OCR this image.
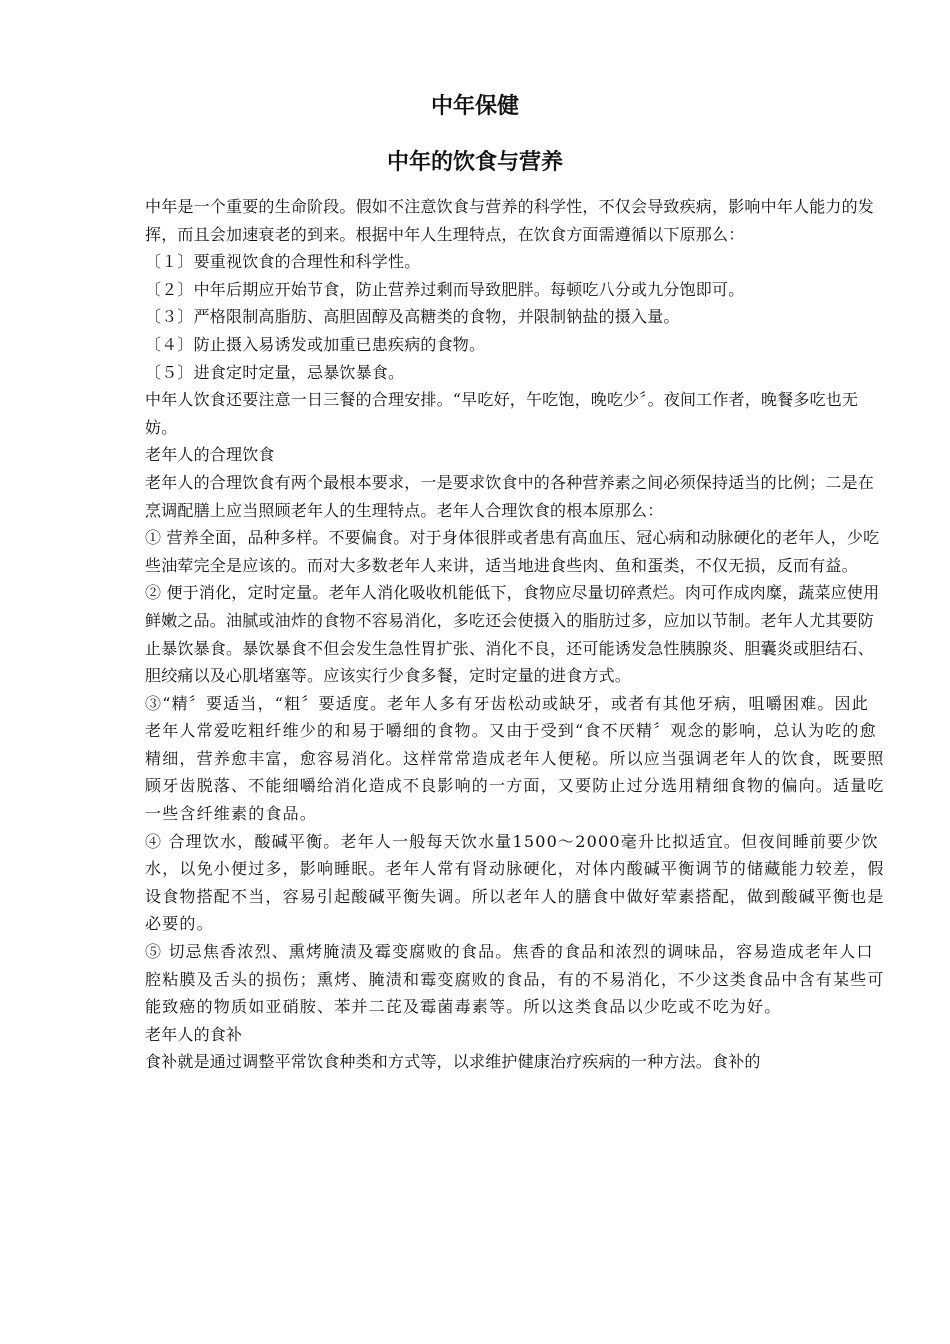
中年保健
中年的饮食与营养

中年是一个重要的生命阶段。假如不注意饮食与营养的科学性，不仅会导致疾病，影响中年人能力的发挥，而且会加速衰老的到来。根据中年人生理特点，在饮食方面需遵循以下原那么：

〔１〕要重视饮食的合理性和科学性。

〔２〕中年后期应开始节食，防止营养过剩而导致肥胖。每顿吃八分或九分饱即可。

〔３〕严格限制高脂肪、高胆固醇及高糖类的食物，并限制钠盐的摄入量。

〔４〕防止摄入易诱发或加重已患疾病的食物。

〔５〕进食定时定量，忌暴饮暴食。

中年人饮食还要注意一日三餐的合理安排。“早吃好，午吃饱，晚吃少〞。夜间工作者，晚餐多吃也无妨。

老年人的合理饮食

老年人的合理饮食有两个最根本要求，一是要求饮食中的各种营养素之间必须保持适当的比例；二是在烹调配膳上应当照顾老年人的生理特点。老年人合理饮食的根本原那么：

① 营养全面，品种多样。不要偏食。对于身体很胖或者患有高血压、冠心病和动脉硬化的老年人，少吃些油荤完全是应该的。而对大多数老年人来讲，适当地进食些肉、鱼和蛋类，不仅无损，反而有益。

② 便于消化，定时定量。老年人消化吸收机能低下，食物应尽量切碎煮烂。肉可作成肉糜，蔬菜应使用鲜嫩之品。油腻或油炸的食物不容易消化，多吃还会使摄入的脂肪过多，应加以节制。老年人尤其要防止暴饮暴食。暴饮暴食不但会发生急性胃扩张、消化不良，还可能诱发急性胰腺炎、胆囊炎或胆结石、胆绞痛以及心肌堵塞等。应该实行少食多餐，定时定量的进食方式。

③“精〞要适当，“粗〞要适度。老年人多有牙齿松动或缺牙，或者有其他牙病，咀嚼困难。因此老年人常爱吃粗纤维少的和易于嚼细的食物。又由于受到“食不厌精〞观念的影响，总认为吃的愈精细，营养愈丰富，愈容易消化。这样常常造成老年人便秘。所以应当强调老年人的饮食，既要照顾牙齿脱落、不能细嚼给消化造成不良影响的一方面，又要防止过分选用精细食物的偏向。适量吃一些含纤维素的食品。

④ 合理饮水，酸碱平衡。老年人一般每天饮水量1500～2000毫升比拟适宜。但夜间睡前要少饮水，以免小便过多，影响睡眠。老年人常有肾动脉硬化，对体内酸碱平衡调节的储藏能力较差，假设食物搭配不当，容易引起酸碱平衡失调。所以老年人的膳食中做好荤素搭配，做到酸碱平衡也是必要的。

⑤ 切忌焦香浓烈、熏烤腌渍及霉变腐败的食品。焦香的食品和浓烈的调味品，容易造成老年人口腔粘膜及舌头的损伤；熏烤、腌渍和霉变腐败的食品，有的不易消化，不少这类食品中含有某些可能致癌的物质如亚硝胺、苯并二芘及霉菌毒素等。所以这类食品以少吃或不吃为好。

老年人的食补

食补就是通过调整平常饮食种类和方式等，以求维护健康治疗疾病的一种方法。食补的
